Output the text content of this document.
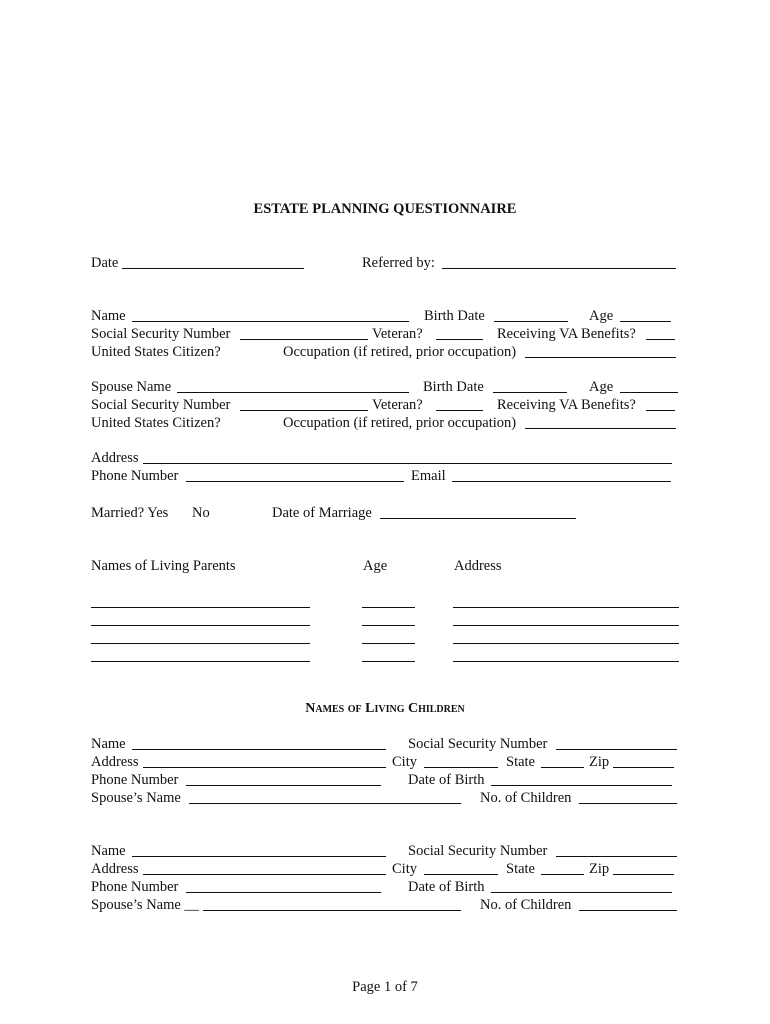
ESTATE PLANNING QUESTIONNAIRE
Date	Referred by:
Name	Birth Date	Age
Social Security Number	Veteran?	Receiving VA Benefits?
United States Citizen?	Occupation (if retired, prior occupation)
Spouse Name	Birth Date	Age
Social Security Number	Veteran?	Receiving VA Benefits?
United States Citizen?	Occupation (if retired, prior occupation)
Address
Phone Number	Email
Married? Yes No	Date of Marriage
Names of Living Parents	Age	Address
Names of Living Children
Name	Social Security Number
Address	City	State	Zip
Phone Number	Date of Birth
Spouse’s Name	No. of Children
Name	Social Security Number
Address	City	State	Zip
Phone Number	Date of Birth
Spouse’s Name __	No. of Children
Page 1 of 7
